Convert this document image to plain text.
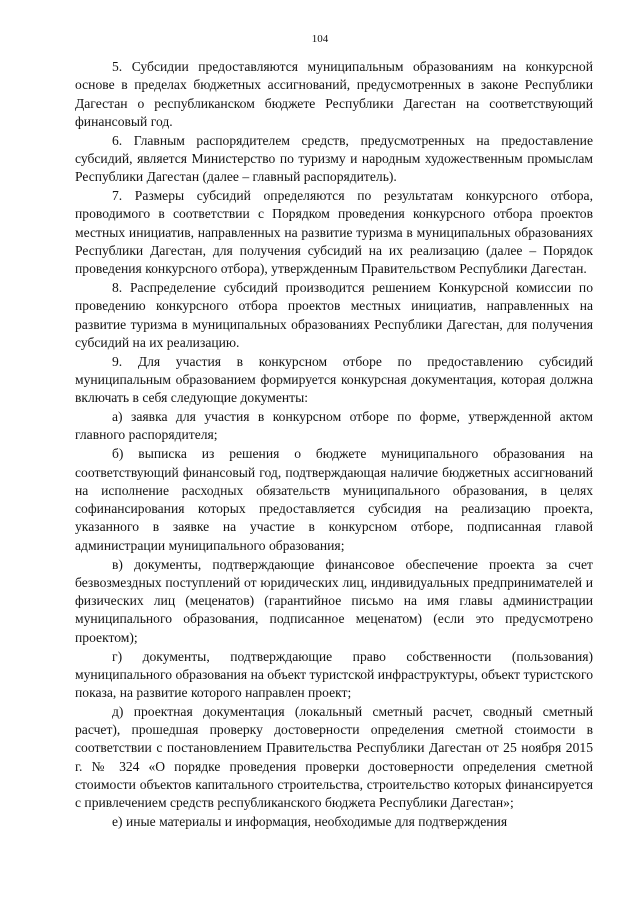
104

5. Субсидии предоставляются муниципальным образованиям на конкурсной основе в пределах бюджетных ассигнований, предусмотренных в законе Республики Дагестан о республиканском бюджете Республики Дагестан на соответствующий финансовый год.

6. Главным распорядителем средств, предусмотренных на предоставление субсидий, является Министерство по туризму и народным художественным промыслам Республики Дагестан (далее – главный распорядитель).

7. Размеры субсидий определяются по результатам конкурсного отбора, проводимого в соответствии с Порядком проведения конкурсного отбора проектов местных инициатив, направленных на развитие туризма в муниципальных образованиях Республики Дагестан, для получения субсидий на их реализацию (далее – Порядок проведения конкурсного отбора), утвержденным Правительством Республики Дагестан.

8. Распределение субсидий производится решением Конкурсной комиссии по проведению конкурсного отбора проектов местных инициатив, направленных на развитие туризма в муниципальных образованиях Республики Дагестан, для получения субсидий на их реализацию.

9. Для участия в конкурсном отборе по предоставлению субсидий муниципальным образованием формируется конкурсная документация, которая должна включать в себя следующие документы:

а) заявка для участия в конкурсном отборе по форме, утвержденной актом главного распорядителя;

б) выписка из решения о бюджете муниципального образования на соответствующий финансовый год, подтверждающая наличие бюджетных ассигнований на исполнение расходных обязательств муниципального образования, в целях софинансирования которых предоставляется субсидия на реализацию проекта, указанного в заявке на участие в конкурсном отборе, подписанная главой администрации муниципального образования;

в) документы, подтверждающие финансовое обеспечение проекта за счет безвозмездных поступлений от юридических лиц, индивидуальных предпринимателей и физических лиц (меценатов) (гарантийное письмо на имя главы администрации муниципального образования, подписанное меценатом) (если это предусмотрено проектом);

г) документы, подтверждающие право собственности (пользования) муниципального образования на объект туристской инфраструктуры, объект туристского показа, на развитие которого направлен проект;

д) проектная документация (локальный сметный расчет, сводный сметный расчет), прошедшая проверку достоверности определения сметной стоимости в соответствии с постановлением Правительства Республики Дагестан от 25 ноября 2015 г. № 324 «О порядке проведения проверки достоверности определения сметной стоимости объектов капитального строительства, строительство которых финансируется с привлечением средств республиканского бюджета Республики Дагестан»;

е) иные материалы и информация, необходимые для подтверждения
